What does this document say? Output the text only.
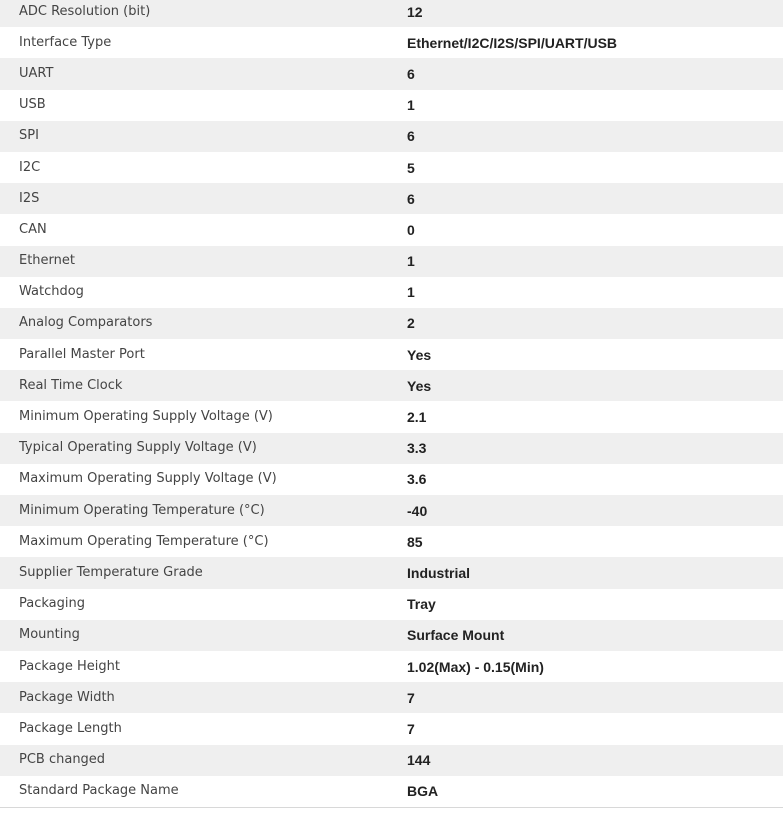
ADC Resolution (bit)	12
Interface Type	Ethernet/I2C/I2S/SPI/UART/USB
UART	6
USB	1
SPI	6
I2C	5
I2S	6
CAN	0
Ethernet	1
Watchdog	1
Analog Comparators	2
Parallel Master Port	Yes
Real Time Clock	Yes
Minimum Operating Supply Voltage (V)	2.1
Typical Operating Supply Voltage (V)	3.3
Maximum Operating Supply Voltage (V)	3.6
Minimum Operating Temperature (°C)	-40
Maximum Operating Temperature (°C)	85
Supplier Temperature Grade	Industrial
Packaging	Tray
Mounting	Surface Mount
Package Height	1.02(Max) - 0.15(Min)
Package Width	7
Package Length	7
PCB changed	144
Standard Package Name	BGA
